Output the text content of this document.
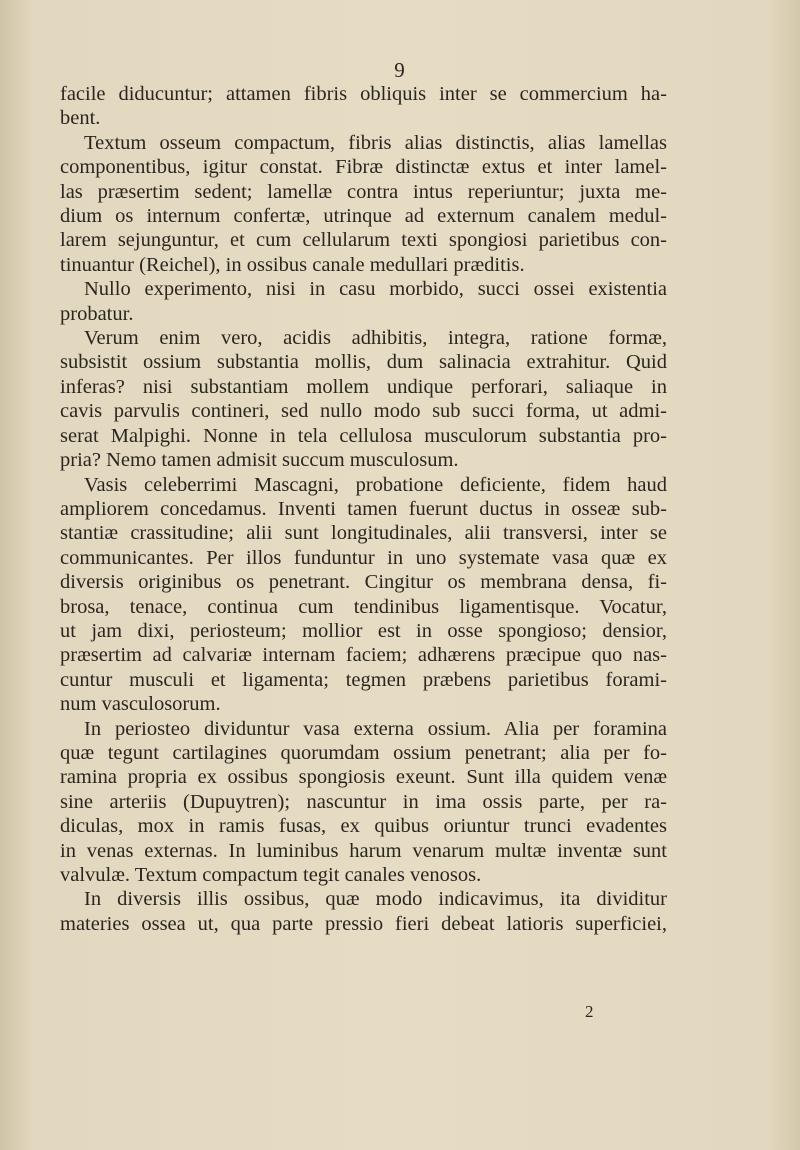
9
facile diducuntur; attamen fibris obliquis inter se commercium ha-
bent.
Textum osseum compactum, fibris alias distinctis, alias lamellas
componentibus, igitur constat. Fibræ distinctæ extus et inter lamel-
las præsertim sedent; lamellæ contra intus reperiuntur; juxta me-
dium os internum confertæ, utrinque ad externum canalem medul-
larem sejunguntur, et cum cellularum texti spongiosi parietibus con-
tinuantur (Reichel), in ossibus canale medullari præditis.
Nullo experimento, nisi in casu morbido, succi ossei existentia
probatur.
Verum enim vero, acidis adhibitis, integra, ratione formæ,
subsistit ossium substantia mollis, dum salinacia extrahitur. Quid
inferas? nisi substantiam mollem undique perforari, saliaque in
cavis parvulis contineri, sed nullo modo sub succi forma, ut admi-
serat Malpighi. Nonne in tela cellulosa musculorum substantia pro-
pria? Nemo tamen admisit succum musculosum.
Vasis celeberrimi Mascagni, probatione deficiente, fidem haud
ampliorem concedamus. Inventi tamen fuerunt ductus in osseæ sub-
stantiæ crassitudine; alii sunt longitudinales, alii transversi, inter se
communicantes. Per illos funduntur in uno systemate vasa quæ ex
diversis originibus os penetrant. Cingitur os membrana densa, fi-
brosa, tenace, continua cum tendinibus ligamentisque. Vocatur,
ut jam dixi, periosteum; mollior est in osse spongioso; densior,
præsertim ad calvariæ internam faciem; adhærens præcipue quo nas-
cuntur musculi et ligamenta; tegmen præbens parietibus forami-
num vasculosorum.
In periosteo dividuntur vasa externa ossium. Alia per foramina
quæ tegunt cartilagines quorumdam ossium penetrant; alia per fo-
ramina propria ex ossibus spongiosis exeunt. Sunt illa quidem venæ
sine arteriis (Dupuytren); nascuntur in ima ossis parte, per ra-
diculas, mox in ramis fusas, ex quibus oriuntur trunci evadentes
in venas externas. In luminibus harum venarum multæ inventæ sunt
valvulæ. Textum compactum tegit canales venosos.
In diversis illis ossibus, quæ modo indicavimus, ita dividitur
materies ossea ut, qua parte pressio fieri debeat latioris superficiei,
2
